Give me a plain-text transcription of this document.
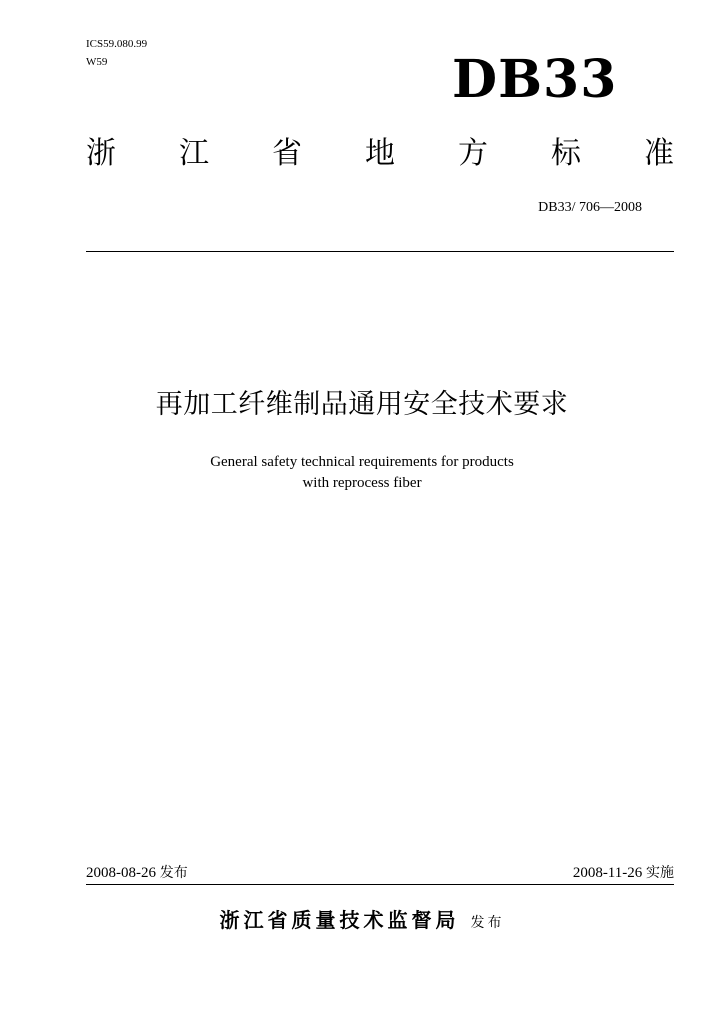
ICS59.080.99
W59	DB33
浙 江 省 地 方 标 准
DB33/ 706—2008
再加工纤维制品通用安全技术要求
General safety technical requirements for products
with reprocess fiber
2008-08-26 发布	2008-11-26 实施
浙江省质量技术监督局 发布
